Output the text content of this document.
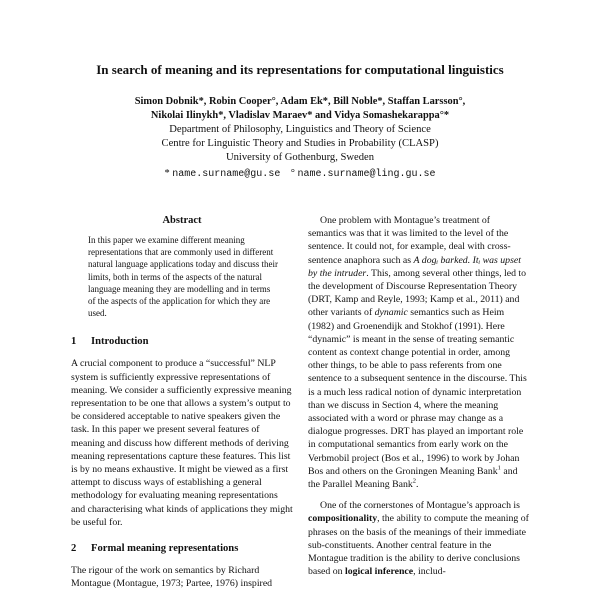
In search of meaning and its representations for computational linguistics
Simon Dobnik*, Robin Cooper°, Adam Ek*, Bill Noble*, Staffan Larsson°,
Nikolai Ilinykh*, Vladislav Maraev* and Vidya Somashekarappa°*
Department of Philosophy, Linguistics and Theory of Science
Centre for Linguistic Theory and Studies in Probability (CLASP)
University of Gothenburg, Sweden
* name.surname@gu.se ° name.surname@ling.gu.se
Abstract

In this paper we examine different meaning representations that are commonly used in different natural language applications today and discuss their limits, both in terms of the aspects of the natural language meaning they are modelling and in terms of the aspects of the application for which they are used.

1 Introduction

A crucial component to produce a “successful” NLP system is sufficiently expressive representations of meaning. We consider a sufficiently expressive meaning representation to be one that allows a system’s output to be considered acceptable to native speakers given the task. In this paper we present several features of meaning and discuss how different methods of deriving meaning representations capture these features. This list is by no means exhaustive. It might be viewed as a first attempt to discuss ways of establishing a general methodology for evaluating meaning representations and characterising what kinds of applications they might be useful for.

2 Formal meaning representations

The rigour of the work on semantics by Richard Montague (Montague, 1973; Partee, 1976) inspired

One problem with Montague’s treatment of semantics was that it was limited to the level of the sentence. It could not, for example, deal with cross-sentence anaphora such as A dogᵢ barked. Itᵢ was upset by the intruder. This, among several other things, led to the development of Discourse Representation Theory (DRT, Kamp and Reyle, 1993; Kamp et al., 2011) and other variants of dynamic semantics such as Heim (1982) and Groenendijk and Stokhof (1991). Here “dynamic” is meant in the sense of treating semantic content as context change potential in order, among other things, to be able to pass referents from one sentence to a subsequent sentence in the discourse. This is a much less radical notion of dynamic interpretation than we discuss in Section 4, where the meaning associated with a word or phrase may change as a dialogue progresses. DRT has played an important role in computational semantics from early work on the Verbmobil project (Bos et al., 1996) to work by Johan Bos and others on the Groningen Meaning Bank$^1$ and the Parallel Meaning Bank$^2$.

One of the cornerstones of Montague’s approach is compositionality, the ability to compute the meaning of phrases on the basis of the meanings of their immediate sub-constituents. Another central feature in the Montague tradition is the ability to derive conclusions based on logical inference, includ-
